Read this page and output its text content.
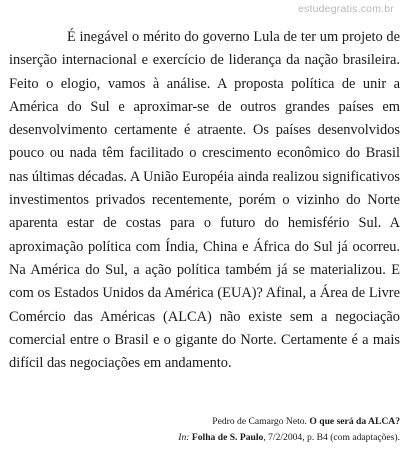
estudegratis.com.br

É inegável o mérito do governo Lula de ter um projeto de inserção internacional e exercício de liderança da nação brasileira. Feito o elogio, vamos à análise. A proposta política de unir a América do Sul e aproximar-se de outros grandes países em desenvolvimento certamente é atraente. Os países desenvolvidos pouco ou nada têm facilitado o crescimento econômico do Brasil nas últimas décadas. A União Européia ainda realizou significativos investimentos privados recentemente, porém o vizinho do Norte aparenta estar de costas para o futuro do hemisfério Sul. A aproximação política com Índia, China e África do Sul já ocorreu. Na América do Sul, a ação política também já se materializou. E com os Estados Unidos da América (EUA)? Afinal, a Área de Livre Comércio das Américas (ALCA) não existe sem a negociação comercial entre o Brasil e o gigante do Norte. Certamente é a mais difícil das negociações em andamento.

Pedro de Camargo Neto. O que será da ALCA?
In: Folha de S. Paulo, 7/2/2004, p. B4 (com adaptações).
